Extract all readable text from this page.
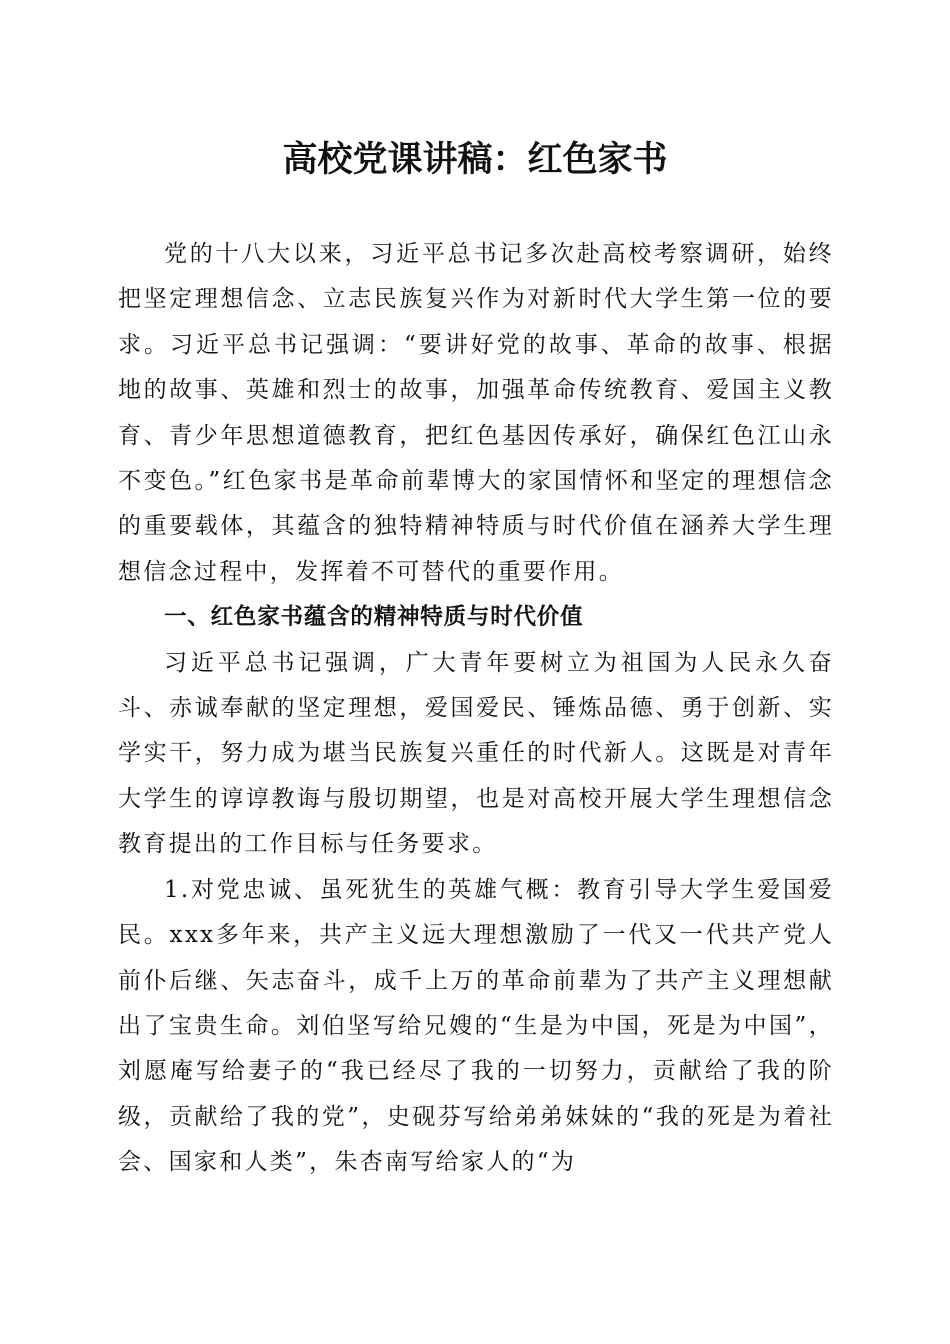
高校党课讲稿：红色家书

党的十八大以来，习近平总书记多次赴高校考察调研，始终把坚定理想信念、立志民族复兴作为对新时代大学生第一位的要求。习近平总书记强调：“要讲好党的故事、革命的故事、根据地的故事、英雄和烈士的故事，加强革命传统教育、爱国主义教育、青少年思想道德教育，把红色基因传承好，确保红色江山永不变色。”红色家书是革命前辈博大的家国情怀和坚定的理想信念的重要载体，其蕴含的独特精神特质与时代价值在涵养大学生理想信念过程中，发挥着不可替代的重要作用。

一、红色家书蕴含的精神特质与时代价值

习近平总书记强调，广大青年要树立为祖国为人民永久奋斗、赤诚奉献的坚定理想，爱国爱民、锤炼品德、勇于创新、实学实干，努力成为堪当民族复兴重任的时代新人。这既是对青年大学生的谆谆教诲与殷切期望，也是对高校开展大学生理想信念教育提出的工作目标与任务要求。

1.对党忠诚、虽死犹生的英雄气概：教育引导大学生爱国爱民。xxx多年来，共产主义远大理想激励了一代又一代共产党人前仆后继、矢志奋斗，成千上万的革命前辈为了共产主义理想献出了宝贵生命。刘伯坚写给兄嫂的“生是为中国，死是为中国”，刘愿庵写给妻子的“我已经尽了我的一切努力，贡献给了我的阶级，贡献给了我的党”，史砚芬写给弟弟妹妹的“我的死是为着社会、国家和人类”，朱杏南写给家人的“为
